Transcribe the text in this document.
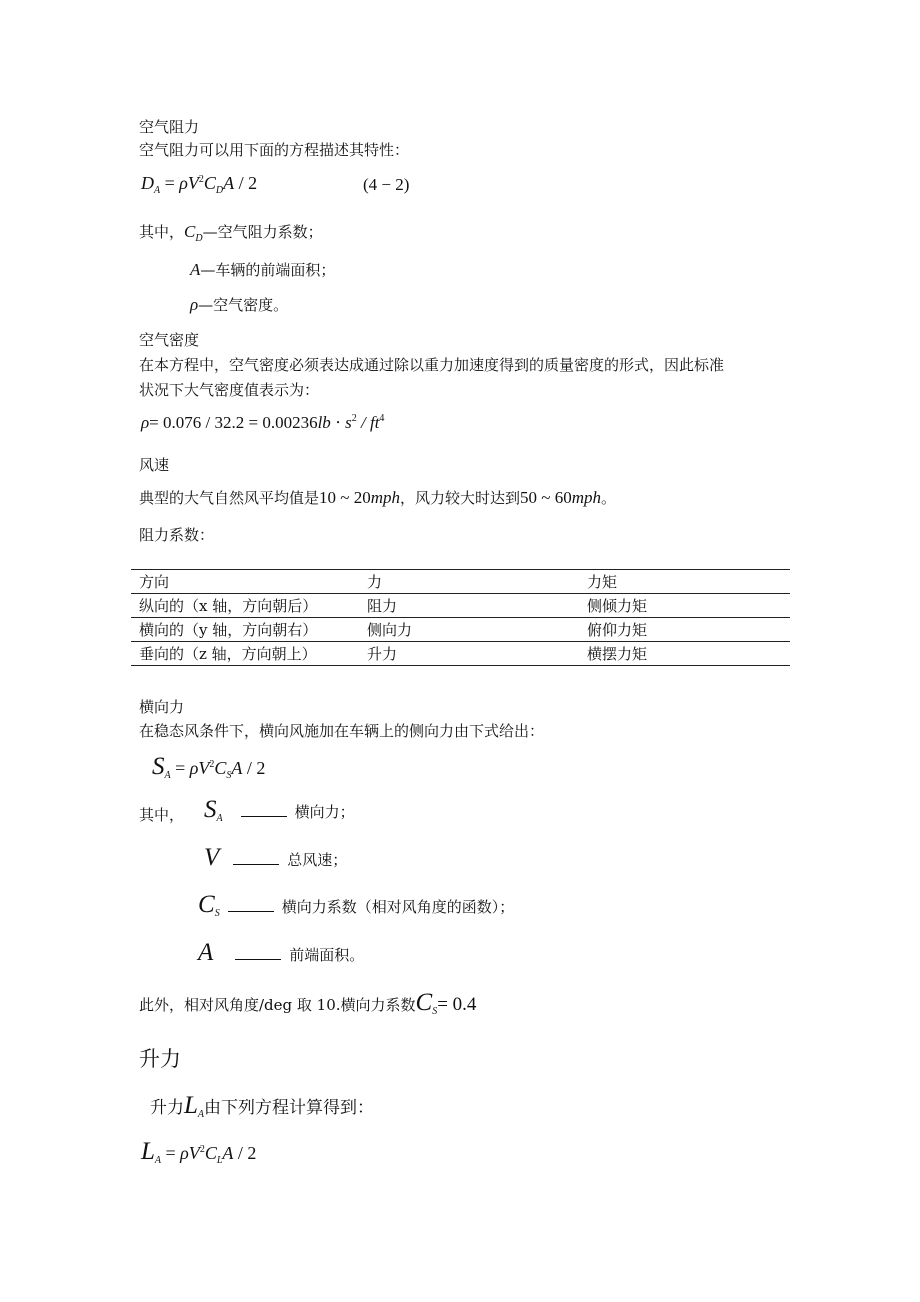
空气阻力
空气阻力可以用下面的方程描述其特性：
$D_A = \rho V^2C_DA / 2$	(4 − 2)
其中，$C_D—$空气阻力系数；
A—车辆的前端面积；
ρ—空气密度。
空气密度
在本方程中，空气密度必须表达成通过除以重力加速度得到的质量密度的形式，因此标准
状况下大气密度值表示为：
$\rho= 0.076 / 32.2 = 0.00236lb \cdot s^2 / ft^4$
风速
典型的大气自然风平均值是10 ~ 20mph，风力较大时达到50 ~ 60mph。
阻力系数：
方向	力	力矩
纵向的（x 轴，方向朝后）	阻力	侧倾力矩
横向的（y 轴，方向朝右）	侧向力	俯仰力矩
垂向的（z 轴，方向朝上）	升力	横摆力矩
横向力
在稳态风条件下，横向风施加在车辆上的侧向力由下式给出：
$S_A = \rho V^2C_SA / 2$
其中， $S_A$	横向力；
V	总风速；
$C_S$	横向力系数（相对风角度的函数）；
A	前端面积。
此外，相对风角度/deg 取 10.横向力系数$C_S= 0.4$
升力
升力$L_A$由下列方程计算得到：
$L_A = \rho V^2C_LA / 2$
